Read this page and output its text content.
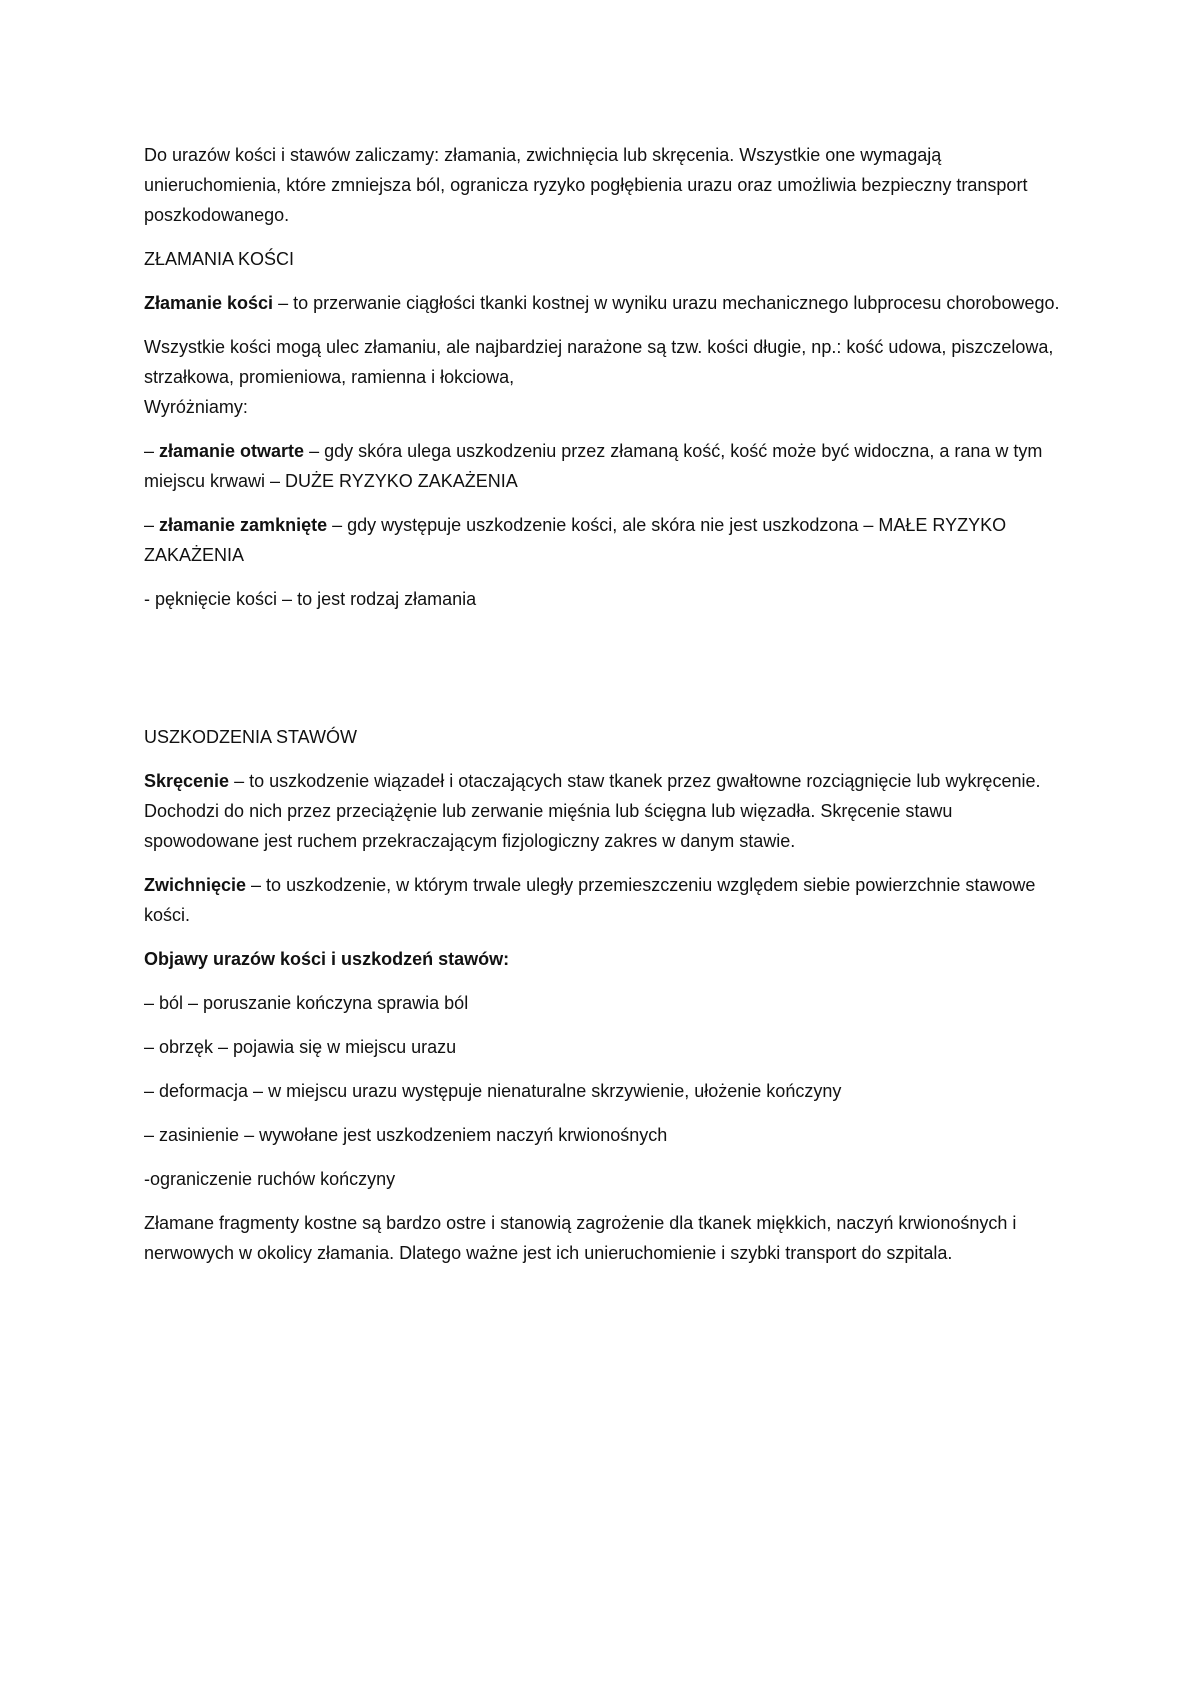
Do urazów kości i stawów zaliczamy: złamania, zwichnięcia lub skręcenia. Wszystkie one wymagają unieruchomienia, które zmniejsza ból, ogranicza ryzyko pogłębienia urazu oraz umożliwia bezpieczny transport poszkodowanego.

ZŁAMANIA KOŚCI

Złamanie kości – to przerwanie ciągłości tkanki kostnej w wyniku urazu mechanicznego lubprocesu chorobowego.

Wszystkie kości mogą ulec złamaniu, ale najbardziej narażone są tzw. kości długie, np.: kość udowa, piszczelowa, strzałkowa, promieniowa, ramienna i łokciowa,
Wyróżniamy:

– złamanie otwarte – gdy skóra ulega uszkodzeniu przez złamaną kość, kość może być widoczna, a rana w tym miejscu krwawi – DUŻE RYZYKO ZAKAŻENIA

– złamanie zamknięte – gdy występuje uszkodzenie kości, ale skóra nie jest uszkodzona – MAŁE RYZYKO ZAKAŻENIA

- pęknięcie kości – to jest rodzaj złamania

USZKODZENIA STAWÓW

Skręcenie – to uszkodzenie wiązadeł i otaczających staw tkanek przez gwałtowne rozciągnięcie lub wykręcenie. Dochodzi do nich przez przeciążęnie lub zerwanie mięśnia lub ścięgna lub więzadła. Skręcenie stawu spowodowane jest ruchem przekraczającym fizjologiczny zakres w danym stawie.

Zwichnięcie – to uszkodzenie, w którym trwale uległy przemieszczeniu względem siebie powierzchnie stawowe kości.

Objawy urazów kości i uszkodzeń stawów:

– ból – poruszanie kończyna sprawia ból

– obrzęk – pojawia się w miejscu urazu

– deformacja – w miejscu urazu występuje nienaturalne skrzywienie, ułożenie kończyny

– zasinienie – wywołane jest uszkodzeniem naczyń krwionośnych

-ograniczenie ruchów kończyny

Złamane fragmenty kostne są bardzo ostre i stanowią zagrożenie dla tkanek miękkich, naczyń krwionośnych i nerwowych w okolicy złamania. Dlatego ważne jest ich unieruchomienie i szybki transport do szpitala.
